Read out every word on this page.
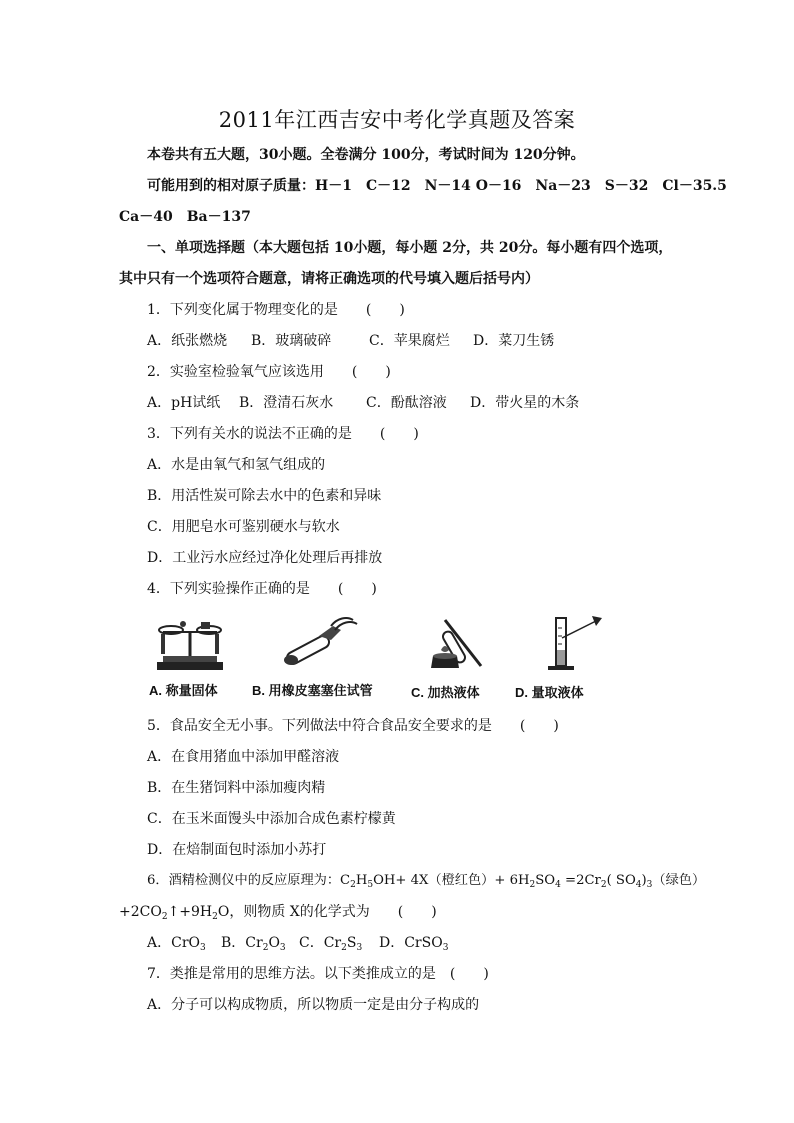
2011年江西吉安中考化学真题及答案
本卷共有五大题，30小题。全卷满分 100分，考试时间为 120分钟。
可能用到的相对原子质量：H－1　C－12　N－14 O－16　Na－23　S－32　Cl－35.5
Ca－40　Ba－137
一、单项选择题（本大题包括 10小题，每小题 2分，共 20分。每小题有四个选项，
其中只有一个选项符合题意，请将正确选项的代号填入题后括号内）
1．下列变化属于物理变化的是　　(　　)
A．纸张燃烧 B．玻璃破碎	C．苹果腐烂 D．菜刀生锈
2．实验室检验氧气应该选用　　(　　)
A．pH试纸 B．澄清石灰水 C．酚酞溶液 D．带火星的木条
3．下列有关水的说法不正确的是　　(　　)
A．水是由氧气和氢气组成的
B．用活性炭可除去水中的色素和异味
C．用肥皂水可鉴别硬水与软水
D．工业污水应经过净化处理后再排放
4．下列实验操作正确的是　　(　　)
A. 称量固体	B. 用橡皮塞塞住试管	C. 加热液体	D. 量取液体
5．食品安全无小事。下列做法中符合食品安全要求的是　　(　　)
A．在食用猪血中添加甲醛溶液
B．在生猪饲料中添加瘦肉精
C．在玉米面馒头中添加合成色素柠檬黄
D．在焙制面包时添加小苏打
6．酒精检测仪中的反应原理为：$C_2H_5OH+ 4X$（橙红色）+ $6H_2SO_4 =2Cr_2$( $SO_4)_3$（绿色）
$+2CO_2↑+9H_2O$，则物质 X的化学式为　　(　　)
A．CrO$_3$ B．$Cr_2O_3$ C．$Cr_2S_3$ D．CrSO$_3$
7．类推是常用的思维方法。以下类推成立的是　(　　)
A．分子可以构成物质，所以物质一定是由分子构成的
